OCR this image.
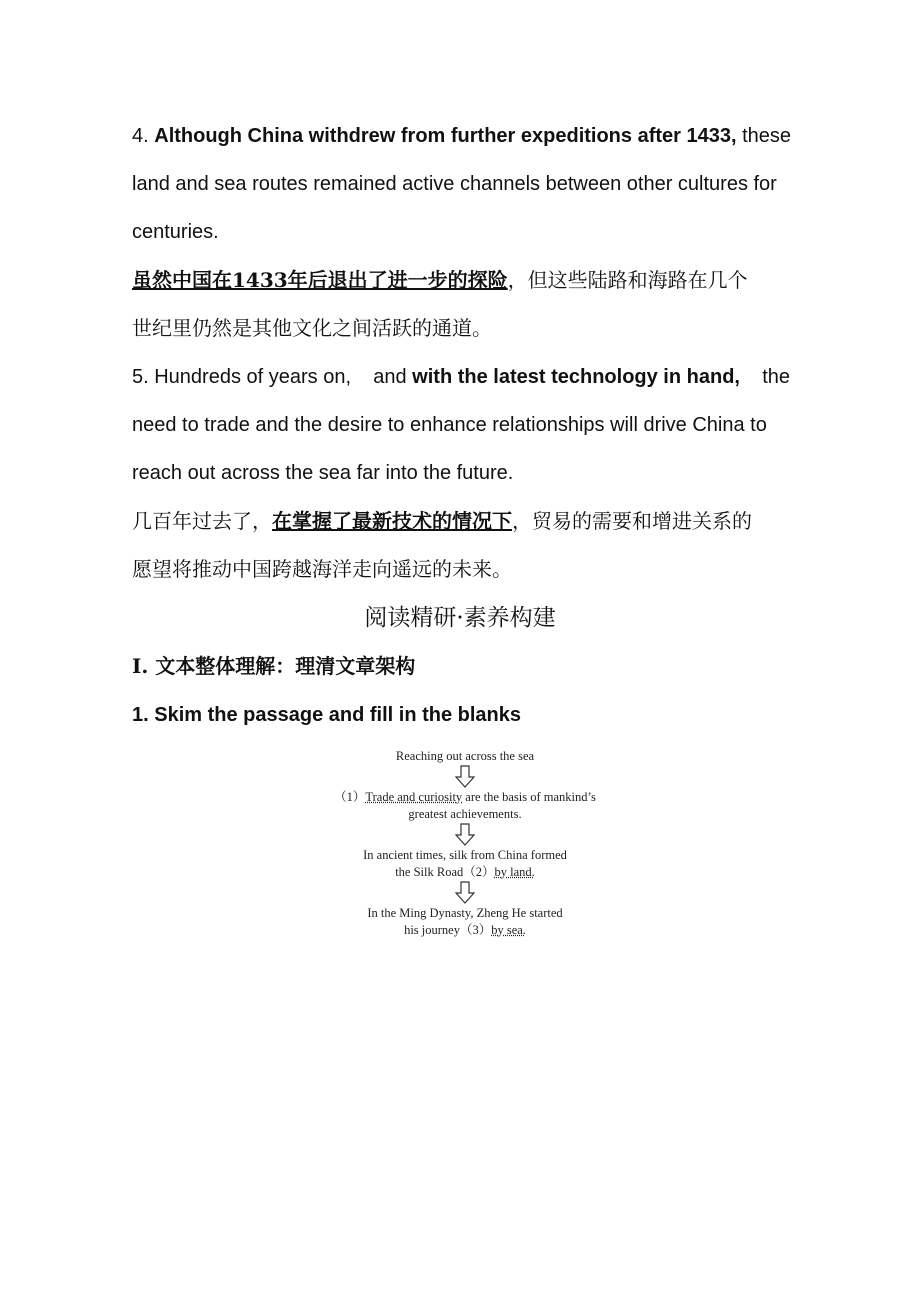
4. Although China withdrew from further expeditions after 1433, these
land and sea routes remained active channels between other cultures for
centuries.
虽然中国在1433年后退出了进一步的探险，但这些陆路和海路在几个
世纪里仍然是其他文化之间活跃的通道。
5. Hundreds of years on,    and with the latest technology in hand,    the
need to trade and the desire to enhance relationships will drive China to
reach out across the sea far into the future.
几百年过去了，在掌握了最新技术的情况下，贸易的需要和增进关系的
愿望将推动中国跨越海洋走向遥远的未来。
阅读精研·素养构建
Ⅰ. 文本整体理解：理清文章架构
1. Skim the passage and fill in the blanks
Reaching out across the sea
（1）Trade and curiosity are the basis of mankind’s
greatest achievements.
In ancient times, silk from China formed
the Silk Road（2）by land.
In the Ming Dynasty, Zheng He started
his journey（3）by sea.
